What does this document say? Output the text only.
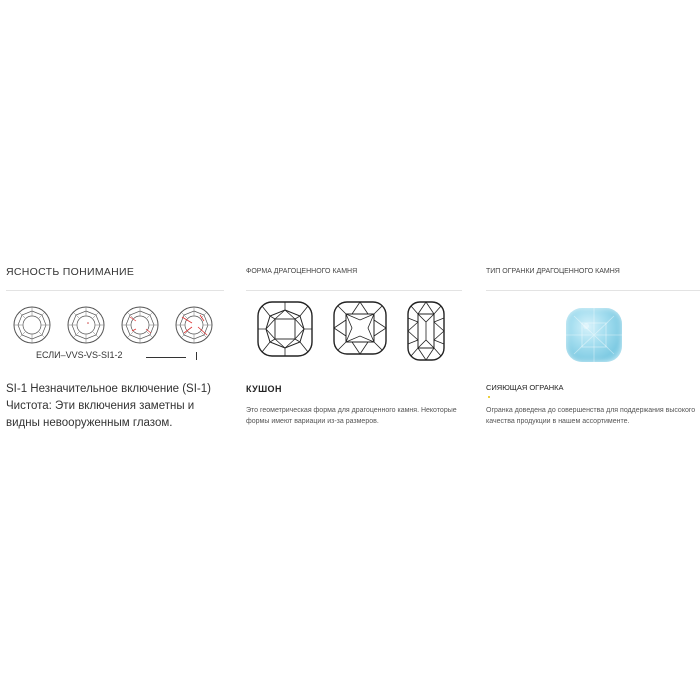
ЯСНОСТЬ ПОНИМАНИЕ
ЕСЛИ–VVS- VS-SI1-2
SI-1 Незначительное включение (SI-1) Чистота: Эти включения заметны и видны невооруженным глазом.
ФОРМА ДРАГОЦЕННОГО КАМНЯ
КУШОН
Это геометрическая форма для драгоценного камня. Некоторые формы имеют вариации из-за размеров.
ТИП ОГРАНКИ ДРАГОЦЕННОГО КАМНЯ
СИЯЮЩАЯ ОГРАНКА
Огранка доведена до совершенства для поддержания высокого качества продукции в нашем ассортименте.
